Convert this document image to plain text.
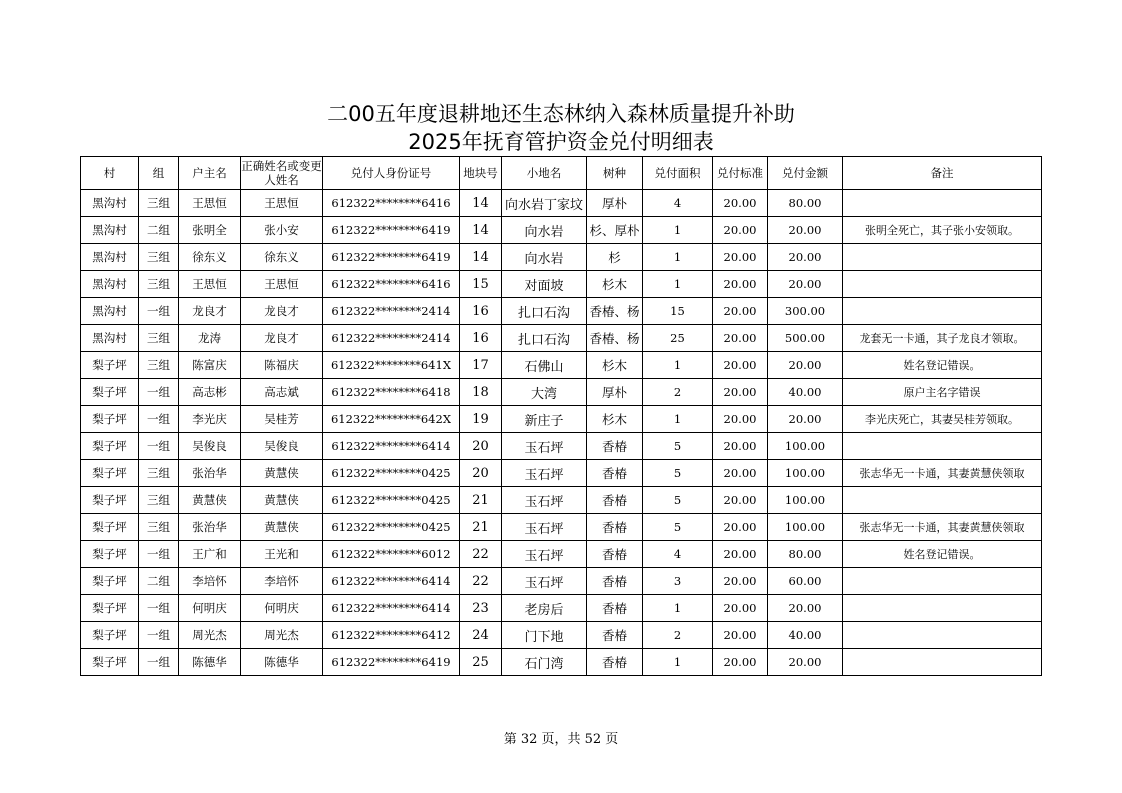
二00五年度退耕地还生态林纳入森林质量提升补助
2025年抚育管护资金兑付明细表
村	组	户主名	正确姓名或变更人姓名	兑付人身份证号	地块号	小地名	树种	兑付面积	兑付标准	兑付金额	备注
黑沟村	三组	王思恒	王思恒	612322********6416	14	向水岩丁家坟	厚朴	4	20.00	80.00	
黑沟村	二组	张明全	张小安	612322********6419	14	向水岩	杉、厚朴	1	20.00	20.00	张明全死亡，其子张小安领取。
黑沟村	三组	徐东义	徐东义	612322********6419	14	向水岩	杉	1	20.00	20.00	
黑沟村	三组	王思恒	王思恒	612322********6416	15	对面坡	杉木	1	20.00	20.00	
黑沟村	一组	龙良才	龙良才	612322********2414	16	扎口石沟	香椿、杨	15	20.00	300.00	
黑沟村	三组	龙涛	龙良才	612322********2414	16	扎口石沟	香椿、杨	25	20.00	500.00	龙套无一卡通，其子龙良才领取。
梨子坪	三组	陈富庆	陈福庆	612322********641X	17	石佛山	杉木	1	20.00	20.00	姓名登记错误。
梨子坪	一组	高志彬	高志斌	612322********6418	18	大湾	厚朴	2	20.00	40.00	原户主名字错误
梨子坪	一组	李光庆	吴桂芳	612322********642X	19	新庄子	杉木	1	20.00	20.00	李光庆死亡，其妻吴桂芳领取。
梨子坪	一组	吴俊良	吴俊良	612322********6414	20	玉石坪	香椿	5	20.00	100.00	
梨子坪	三组	张治华	黄慧侠	612322********0425	20	玉石坪	香椿	5	20.00	100.00	张志华无一卡通，其妻黄慧侠领取
梨子坪	三组	黄慧侠	黄慧侠	612322********0425	21	玉石坪	香椿	5	20.00	100.00	
梨子坪	三组	张治华	黄慧侠	612322********0425	21	玉石坪	香椿	5	20.00	100.00	张志华无一卡通，其妻黄慧侠领取
梨子坪	一组	王广和	王光和	612322********6012	22	玉石坪	香椿	4	20.00	80.00	姓名登记错误。
梨子坪	二组	李培怀	李培怀	612322********6414	22	玉石坪	香椿	3	20.00	60.00	
梨子坪	一组	何明庆	何明庆	612322********6414	23	老房后	香椿	1	20.00	20.00	
梨子坪	一组	周光杰	周光杰	612322********6412	24	门下地	香椿	2	20.00	40.00	
梨子坪	一组	陈德华	陈德华	612322********6419	25	石门湾	香椿	1	20.00	20.00	
第 32 页，共 52 页
